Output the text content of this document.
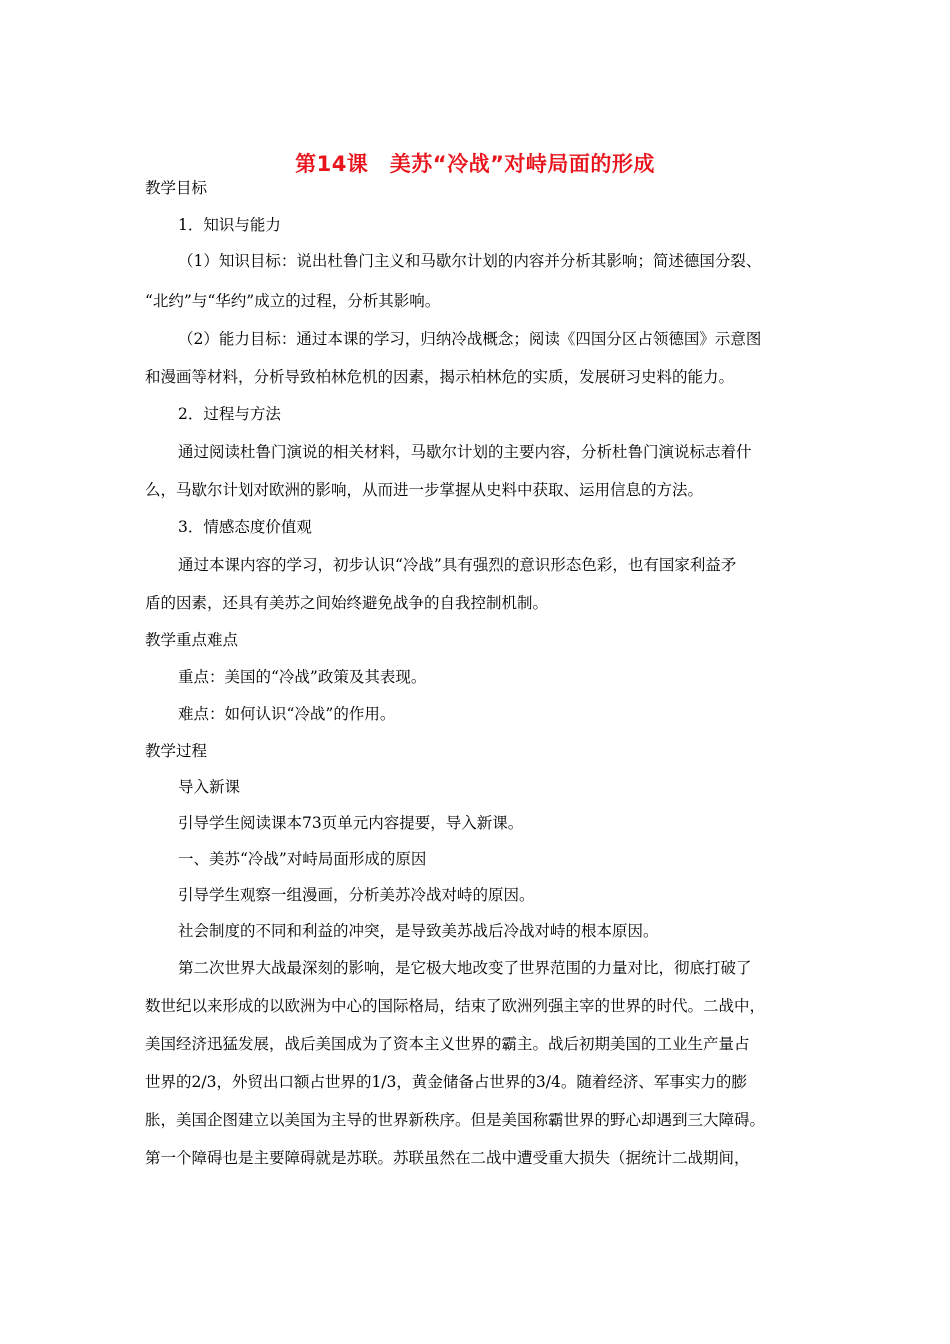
第14课　美苏“冷战”对峙局面的形成
教学目标
1．知识与能力
（1）知识目标：说出杜鲁门主义和马歇尔计划的内容并分析其影响；简述德国分裂、
“北约”与“华约”成立的过程，分析其影响。
（2）能力目标：通过本课的学习，归纳冷战概念；阅读《四国分区占领德国》示意图
和漫画等材料，分析导致柏林危机的因素，揭示柏林危的实质，发展研习史料的能力。
2．过程与方法
通过阅读杜鲁门演说的相关材料，马歇尔计划的主要内容，分析杜鲁门演说标志着什
么，马歇尔计划对欧洲的影响，从而进一步掌握从史料中获取、运用信息的方法。
3．情感态度价值观
通过本课内容的学习，初步认识“冷战”具有强烈的意识形态色彩，也有国家利益矛
盾的因素，还具有美苏之间始终避免战争的自我控制机制。
教学重点难点
重点：美国的“冷战”政策及其表现。
难点：如何认识“冷战”的作用。
教学过程
导入新课
引导学生阅读课本73页单元内容提要，导入新课。
一、美苏“冷战”对峙局面形成的原因
引导学生观察一组漫画，分析美苏冷战对峙的原因。
社会制度的不同和利益的冲突，是导致美苏战后冷战对峙的根本原因。
第二次世界大战最深刻的影响，是它极大地改变了世界范围的力量对比，彻底打破了
数世纪以来形成的以欧洲为中心的国际格局，结束了欧洲列强主宰的世界的时代。二战中，
美国经济迅猛发展，战后美国成为了资本主义世界的霸主。战后初期美国的工业生产量占
世界的2/3，外贸出口额占世界的1/3，黄金储备占世界的3/4。随着经济、军事实力的膨
胀，美国企图建立以美国为主导的世界新秩序。但是美国称霸世界的野心却遇到三大障碍。
第一个障碍也是主要障碍就是苏联。苏联虽然在二战中遭受重大损失（据统计二战期间，
